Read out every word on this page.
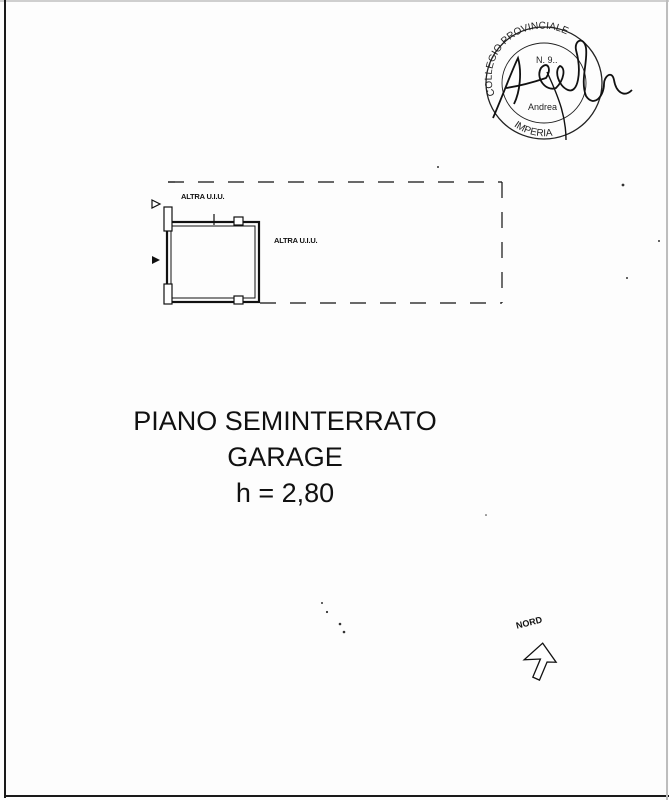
COLLEGIO PROVINCIALE
IMPERIA
N. 9..
Andrea
ALTRA U.I.U.
ALTRA U.I.U.
PIANO SEMINTERRATO
GARAGE
h = 2,80
NORD
